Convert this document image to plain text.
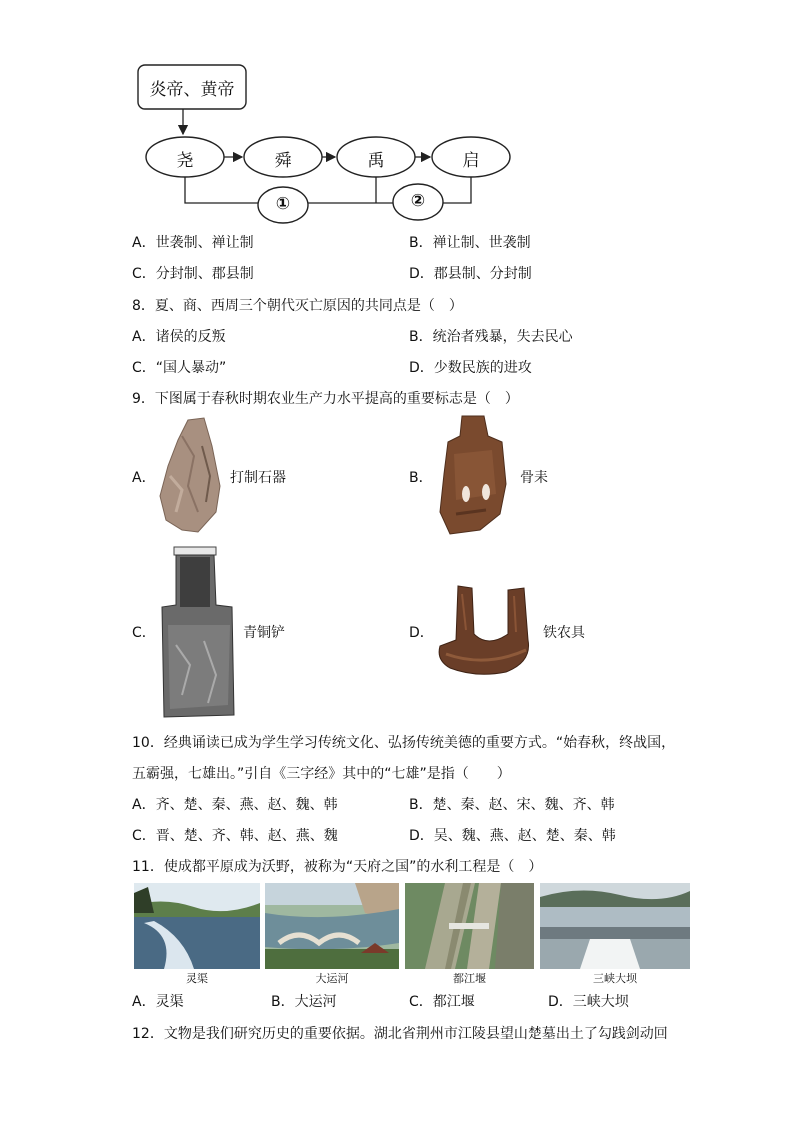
炎帝、黄帝
尧	舜	禹	启
①	②
A．世袭制、禅让制	B．禅让制、世袭制
C．分封制、郡县制	D．郡县制、分封制
8．夏、商、西周三个朝代灭亡原因的共同点是（　）
A．诸侯的反叛	B．统治者残暴，失去民心
C．“国人暴动”	D．少数民族的进攻
9．下图属于春秋时期农业生产力水平提高的重要标志是（　）
A．	打制石器	B．	骨耒
C．	青铜铲	D．	铁农具
10．经典诵读已成为学生学习传统文化、弘扬传统美德的重要方式。“始春秋，终战国，
五霸强，七雄出。”引自《三字经》其中的“七雄”是指（　　）
A．齐、楚、秦、燕、赵、魏、韩	B．楚、秦、赵、宋、魏、齐、韩
C．晋、楚、齐、韩、赵、燕、魏	D．吴、魏、燕、赵、楚、秦、韩
11．使成都平原成为沃野，被称为“天府之国”的水利工程是（　）
灵渠	大运河	都江堰	三峡大坝
A．灵渠	B．大运河	C．都江堰	D．三峡大坝
12．文物是我们研究历史的重要依据。湖北省荆州市江陵县望山楚墓出土了勾践剑动回
